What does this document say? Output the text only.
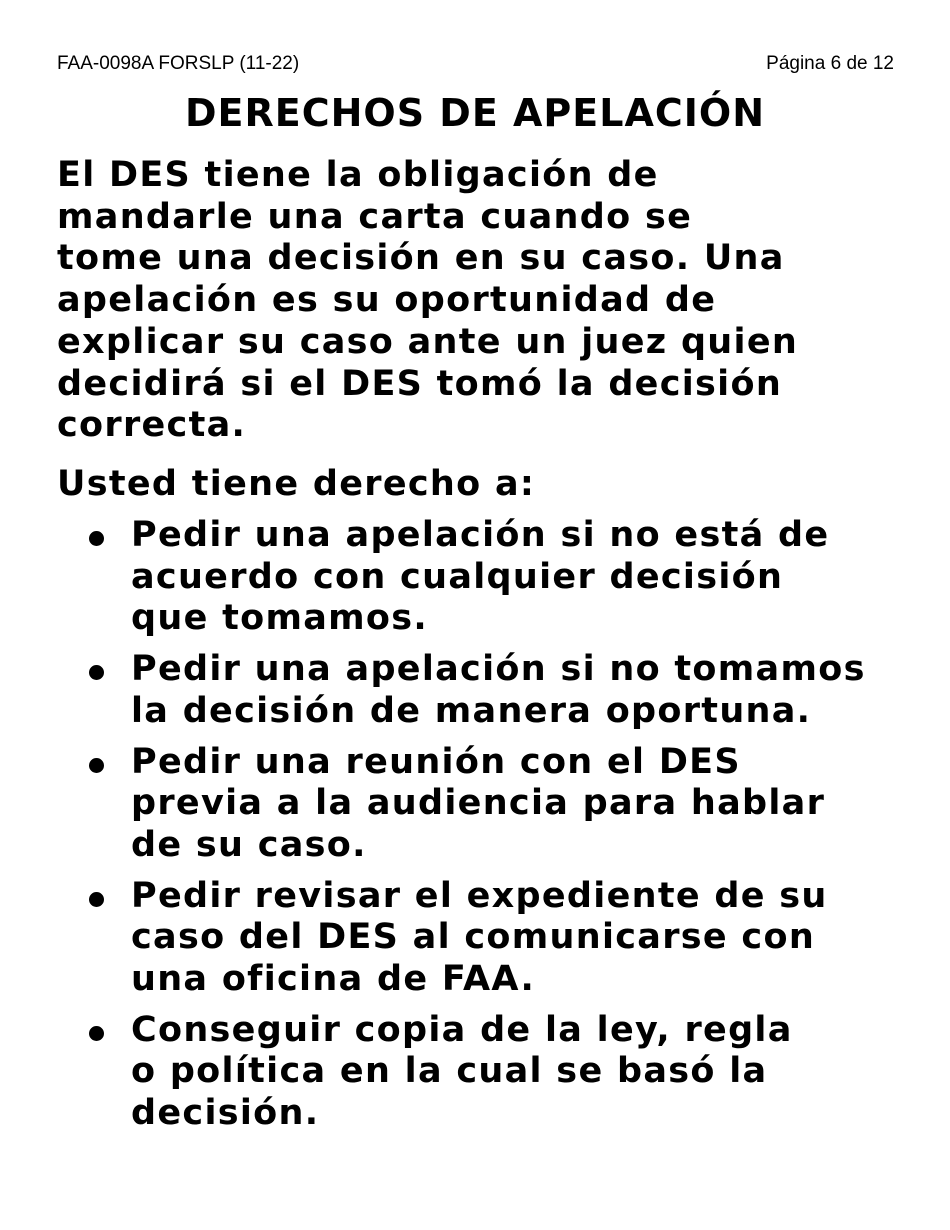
FAA-0098A FORSLP (11-22)	Página 6 de 12
DERECHOS DE APELACIÓN
El DES tiene la obligación de
mandarle una carta cuando se
tome una decisión en su caso. Una
apelación es su oportunidad de
explicar su caso ante un juez quien
decidirá si el DES tomó la decisión
correcta.
Usted tiene derecho a:
Pedir una apelación si no está de
acuerdo con cualquier decisión
que tomamos.
Pedir una apelación si no tomamos
la decisión de manera oportuna.
Pedir una reunión con el DES
previa a la audiencia para hablar
de su caso.
Pedir revisar el expediente de su
caso del DES al comunicarse con
una oficina de FAA.
Conseguir copia de la ley, regla
o política en la cual se basó la
decisión.
